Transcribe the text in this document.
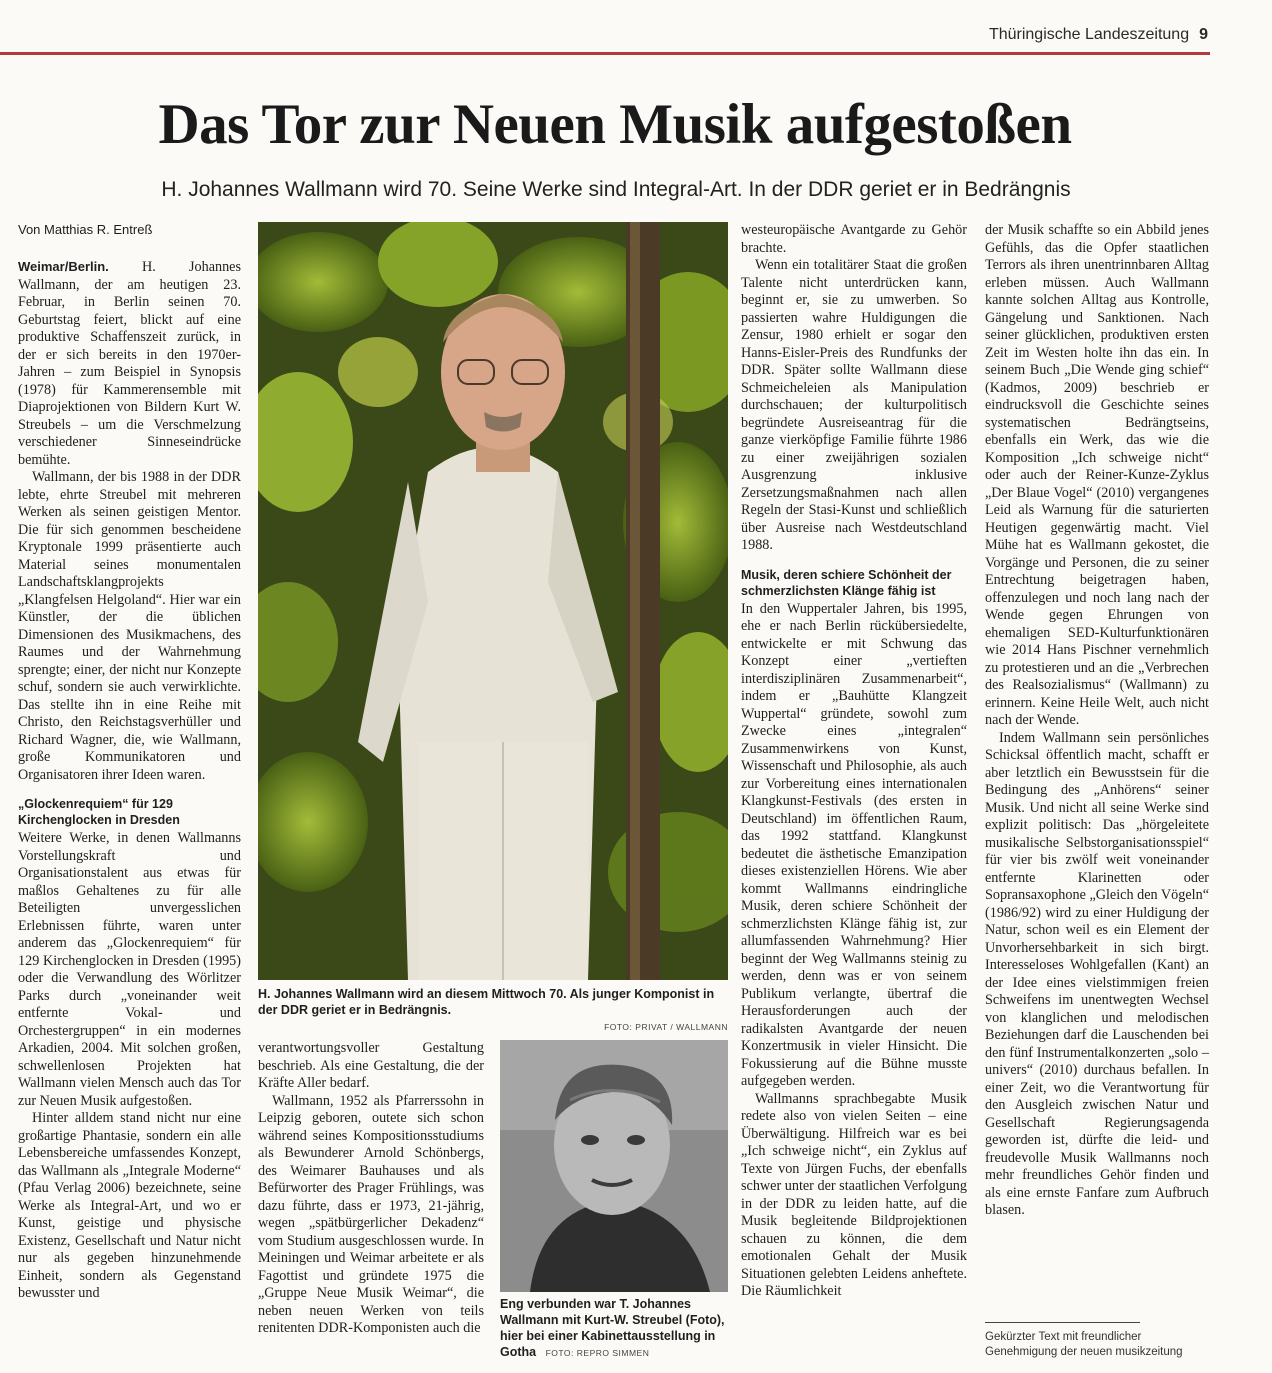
Thüringische Landeszeitung 9
Das Tor zur Neuen Musik aufgestoßen
H. Johannes Wallmann wird 70. Seine Werke sind Integral-Art. In der DDR geriet er in Bedrängnis
Von Matthias R. Entreß

Weimar/Berlin. H. Johannes Wallmann, der am heutigen 23. Februar, in Berlin seinen 70. Geburtstag feiert, blickt auf eine produktive Schaffenszeit zurück, in der er sich bereits in den 1970er-Jahren – zum Beispiel in Synopsis (1978) für Kammerensemble mit Diaprojektionen von Bildern Kurt W. Streubels – um die Verschmelzung verschiedener Sinneseindrücke bemühte.

Wallmann, der bis 1988 in der DDR lebte, ehrte Streubel mit mehreren Werken als seinen geistigen Mentor. Die für sich genommen bescheidene Kryptonale 1999 präsentierte auch Material seines monumentalen Landschaftsklangprojekts „Klangfelsen Helgoland“. Hier war ein Künstler, der die üblichen Dimensionen des Musikmachens, des Raumes und der Wahrnehmung sprengte; einer, der nicht nur Konzepte schuf, sondern sie auch verwirklichte. Das stellte ihn in eine Reihe mit Christo, den Reichstagsverhüller und Richard Wagner, die, wie Wallmann, große Kommunikatoren und Organisatoren ihrer Ideen waren.

„Glockenrequiem“ für 129 Kirchenglocken in Dresden

Weitere Werke, in denen Wallmanns Vorstellungskraft und Organisationstalent aus etwas für maßlos Gehaltenes zu für alle Beteiligten unvergesslichen Erlebnissen führte, waren unter anderem das „Glockenrequiem“ für 129 Kirchenglocken in Dresden (1995) oder die Verwandlung des Wörlitzer Parks durch „voneinander weit entfernte Vokal- und Orchestergruppen“ in ein modernes Arkadien, 2004. Mit solchen großen, schwellenlosen Projekten hat Wallmann vielen Mensch auch das Tor zur Neuen Musik aufgestoßen.

Hinter alldem stand nicht nur eine großartige Phantasie, sondern ein alle Lebensbereiche umfassendes Konzept, das Wallmann als „Integrale Moderne“ (Pfau Verlag 2006) bezeichnete, seine Werke als Integral-Art, und wo er Kunst, geistige und physische Existenz, Gesellschaft und Natur nicht nur als gegeben hinzunehmende Einheit, sondern als Gegenstand bewusster und

H. Johannes Wallmann wird an diesem Mittwoch 70. Als junger Komponist in der DDR geriet er in Bedrängnis.
FOTO: PRIVAT / WALLMANN

verantwortungsvoller Gestaltung beschrieb. Als eine Gestaltung, die der Kräfte Aller bedarf.

Wallmann, 1952 als Pfarrerssohn in Leipzig geboren, outete sich schon während seines Kompositionsstudiums als Bewunderer Arnold Schönbergs, des Weimarer Bauhauses und als Befürworter des Prager Frühlings, was dazu führte, dass er 1973, 21-jährig, wegen „spätbürgerlicher Dekadenz“ vom Studium ausgeschlossen wurde. In Meiningen und Weimar arbeitete er als Fagottist und gründete 1975 die „Gruppe Neue Musik Weimar“, die neben neuen Werken von teils renitenten DDR-Komponisten auch die

Eng verbunden war T. Johannes Wallmann mit Kurt-W. Streubel (Foto), hier bei einer Kabinettausstellung in Gotha FOTO: REPRO SIMMEN

westeuropäische Avantgarde zu Gehör brachte.

Wenn ein totalitärer Staat die großen Talente nicht unterdrücken kann, beginnt er, sie zu umwerben. So passierten wahre Huldigungen die Zensur, 1980 erhielt er sogar den Hanns-Eisler-Preis des Rundfunks der DDR. Später sollte Wallmann diese Schmeicheleien als Manipulation durchschauen; der kulturpolitisch begründete Ausreiseantrag für die ganze vierköpfige Familie führte 1986 zu einer zweijährigen sozialen Ausgrenzung inklusive Zersetzungsmaßnahmen nach allen Regeln der Stasi-Kunst und schließlich über Ausreise nach Westdeutschland 1988.

Musik, deren schiere Schönheit der schmerzlichsten Klänge fähig ist

In den Wuppertaler Jahren, bis 1995, ehe er nach Berlin rückübersiedelte, entwickelte er mit Schwung das Konzept einer „vertieften interdisziplinären Zusammenarbeit“, indem er „Bauhütte Klangzeit Wuppertal“ gründete, sowohl zum Zwecke eines „integralen“ Zusammenwirkens von Kunst, Wissenschaft und Philosophie, als auch zur Vorbereitung eines internationalen Klangkunst-Festivals (des ersten in Deutschland) im öffentlichen Raum, das 1992 stattfand. Klangkunst bedeutet die ästhetische Emanzipation dieses existenziellen Hörens. Wie aber kommt Wallmanns eindringliche Musik, deren schiere Schönheit der schmerzlichsten Klänge fähig ist, zur allumfassenden Wahrnehmung? Hier beginnt der Weg Wallmanns steinig zu werden, denn was er von seinem Publikum verlangte, übertraf die Herausforderungen auch der radikalsten Avantgarde der neuen Konzertmusik in vieler Hinsicht. Die Fokussierung auf die Bühne musste aufgegeben werden.

Wallmanns sprachbegabte Musik redete also von vielen Seiten – eine Überwältigung. Hilfreich war es bei „Ich schweige nicht“, ein Zyklus auf Texte von Jürgen Fuchs, der ebenfalls schwer unter der staatlichen Verfolgung in der DDR zu leiden hatte, auf die Musik begleitende Bildprojektionen schauen zu können, die dem emotionalen Gehalt der Musik Situationen gelebten Leidens anheftete. Die Räumlichkeit

der Musik schaffte so ein Abbild jenes Gefühls, das die Opfer staatlichen Terrors als ihren unentrinnbaren Alltag erleben müssen. Auch Wallmann kannte solchen Alltag aus Kontrolle, Gängelung und Sanktionen. Nach seiner glücklichen, produktiven ersten Zeit im Westen holte ihn das ein. In seinem Buch „Die Wende ging schief“ (Kadmos, 2009) beschrieb er eindrucksvoll die Geschichte seines systematischen Bedrängtseins, ebenfalls ein Werk, das wie die Komposition „Ich schweige nicht“ oder auch der Reiner-Kunze-Zyklus „Der Blaue Vogel“ (2010) vergangenes Leid als Warnung für die saturierten Heutigen gegenwärtig macht. Viel Mühe hat es Wallmann gekostet, die Vorgänge und Personen, die zu seiner Entrechtung beigetragen haben, offenzulegen und noch lang nach der Wende gegen Ehrungen von ehemaligen SED-Kulturfunktionären wie 2014 Hans Pischner vernehmlich zu protestieren und an die „Verbrechen des Realsozialismus“ (Wallmann) zu erinnern. Keine Heile Welt, auch nicht nach der Wende.

Indem Wallmann sein persönliches Schicksal öffentlich macht, schafft er aber letztlich ein Bewusstsein für die Bedingung des „Anhörens“ seiner Musik. Und nicht all seine Werke sind explizit politisch: Das „hörgeleitete musikalische Selbstorganisationsspiel“ für vier bis zwölf weit voneinander entfernte Klarinetten oder Sopransaxophone „Gleich den Vögeln“ (1986/92) wird zu einer Huldigung der Natur, schon weil es ein Element der Unvorhersehbarkeit in sich birgt. Interesseloses Wohlgefallen (Kant) an der Idee eines vielstimmigen freien Schweifens im unentwegten Wechsel von klanglichen und melodischen Beziehungen darf die Lauschenden bei den fünf Instrumentalkonzerten „solo – univers“ (2010) durchaus befallen. In einer Zeit, wo die Verantwortung für den Ausgleich zwischen Natur und Gesellschaft Regierungsagenda geworden ist, dürfte die leid- und freudevolle Musik Wallmanns noch mehr freundliches Gehör finden und als eine ernste Fanfare zum Aufbruch blasen.

Gekürzter Text mit freundlicher Genehmigung der neuen musikzeitung
